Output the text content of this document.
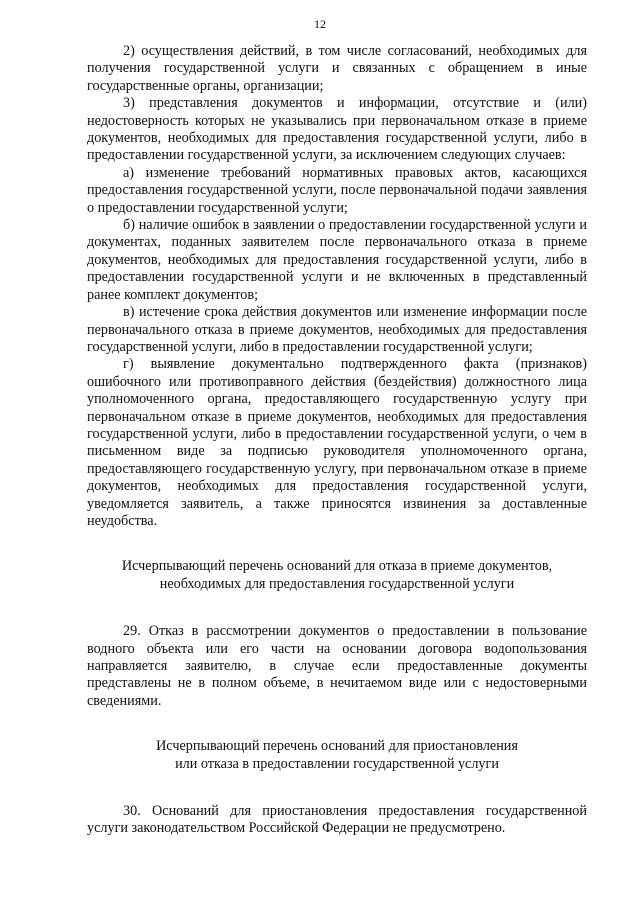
12

2) осуществления действий, в том числе согласований, необходимых для получения государственной услуги и связанных с обращением в иные государственные органы, организации;

3) представления документов и информации, отсутствие и (или) недостоверность которых не указывались при первоначальном отказе в приеме документов, необходимых для предоставления государственной услуги, либо в предоставлении государственной услуги, за исключением следующих случаев:

а) изменение требований нормативных правовых актов, касающихся предоставления государственной услуги, после первоначальной подачи заявления о предоставлении государственной услуги;

б) наличие ошибок в заявлении о предоставлении государственной услуги и документах, поданных заявителем после первоначального отказа в приеме документов, необходимых для предоставления государственной услуги, либо в предоставлении государственной услуги и не включенных в представленный ранее комплект документов;

в) истечение срока действия документов или изменение информации после первоначального отказа в приеме документов, необходимых для предоставления государственной услуги, либо в предоставлении государственной услуги;

г) выявление документально подтвержденного факта (признаков) ошибочного или противоправного действия (бездействия) должностного лица уполномоченного органа, предоставляющего государственную услугу при первоначальном отказе в приеме документов, необходимых для предоставления государственной услуги, либо в предоставлении государственной услуги, о чем в письменном виде за подписью руководителя уполномоченного органа, предоставляющего государственную услугу, при первоначальном отказе в приеме документов, необходимых для предоставления государственной услуги, уведомляется заявитель, а также приносятся извинения за доставленные неудобства.

Исчерпывающий перечень оснований для отказа в приеме документов,
необходимых для предоставления государственной услуги

29. Отказ в рассмотрении документов о предоставлении в пользование водного объекта или его части на основании договора водопользования направляется заявителю, в случае если предоставленные документы представлены не в полном объеме, в нечитаемом виде или с недостоверными сведениями.

Исчерпывающий перечень оснований для приостановления
или отказа в предоставлении государственной услуги

30. Оснований для приостановления предоставления государственной услуги законодательством Российской Федерации не предусмотрено.
